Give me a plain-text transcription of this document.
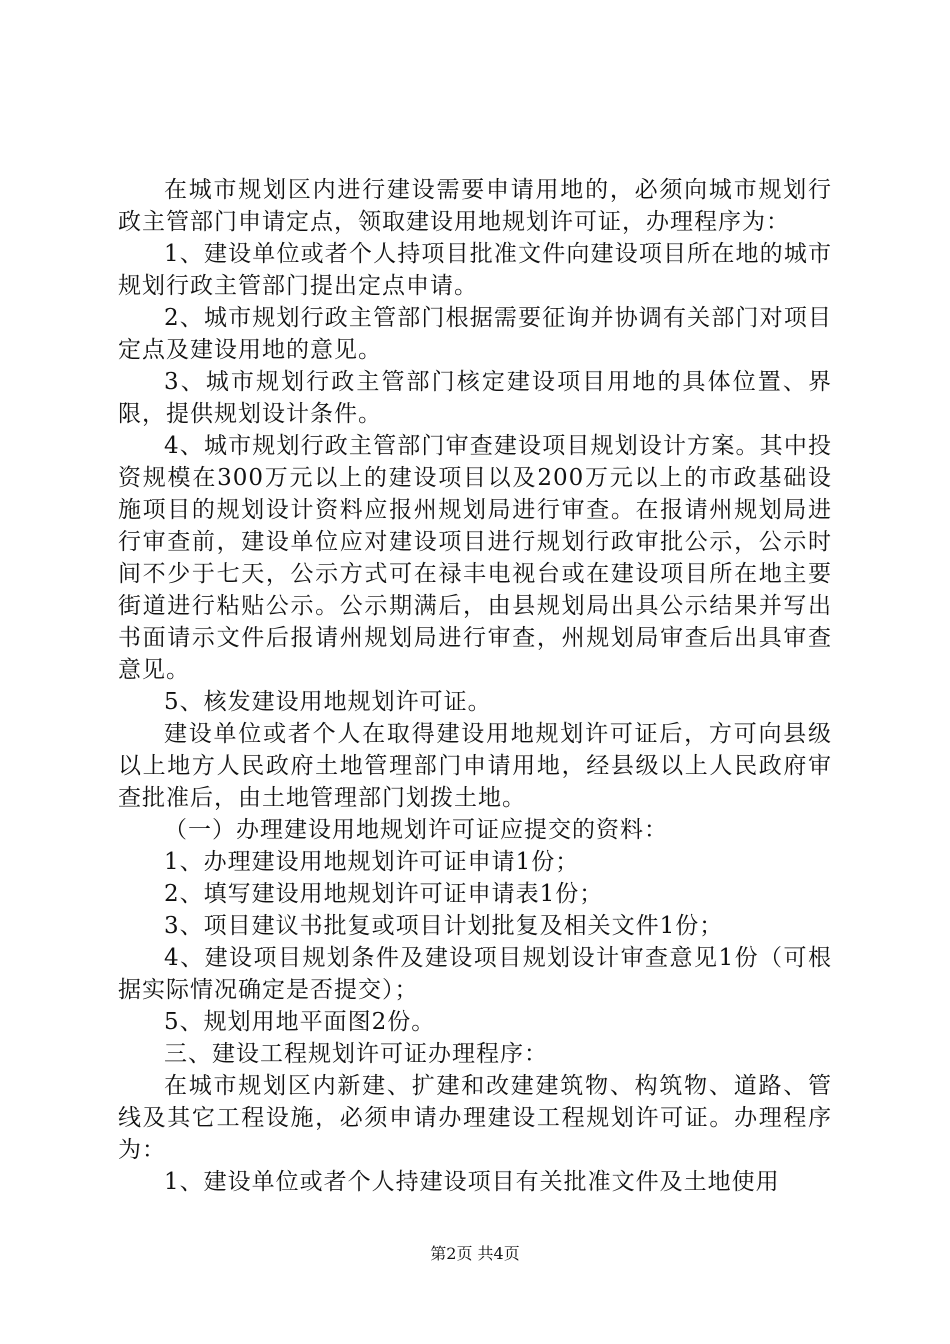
在城市规划区内进行建设需要申请用地的，必须向城市规划行政主管部门申请定点，领取建设用地规划许可证，办理程序为：

1、建设单位或者个人持项目批准文件向建设项目所在地的城市规划行政主管部门提出定点申请。

2、城市规划行政主管部门根据需要征询并协调有关部门对项目定点及建设用地的意见。

3、城市规划行政主管部门核定建设项目用地的具体位置、界限，提供规划设计条件。

4、城市规划行政主管部门审查建设项目规划设计方案。其中投资规模在300万元以上的建设项目以及200万元以上的市政基础设施项目的规划设计资料应报州规划局进行审查。在报请州规划局进行审查前，建设单位应对建设项目进行规划行政审批公示，公示时间不少于七天，公示方式可在禄丰电视台或在建设项目所在地主要街道进行粘贴公示。公示期满后，由县规划局出具公示结果并写出书面请示文件后报请州规划局进行审查，州规划局审查后出具审查意见。

5、核发建设用地规划许可证。

建设单位或者个人在取得建设用地规划许可证后，方可向县级以上地方人民政府土地管理部门申请用地，经县级以上人民政府审查批准后，由土地管理部门划拨土地。

（一）办理建设用地规划许可证应提交的资料：

1、办理建设用地规划许可证申请1份；

2、填写建设用地规划许可证申请表1份；

3、项目建议书批复或项目计划批复及相关文件1份；

4、建设项目规划条件及建设项目规划设计审查意见1份（可根据实际情况确定是否提交）；

5、规划用地平面图2份。

三、建设工程规划许可证办理程序：

在城市规划区内新建、扩建和改建建筑物、构筑物、道路、管线及其它工程设施，必须申请办理建设工程规划许可证。办理程序为：

1、建设单位或者个人持建设项目有关批准文件及土地使用

第2页 共4页
